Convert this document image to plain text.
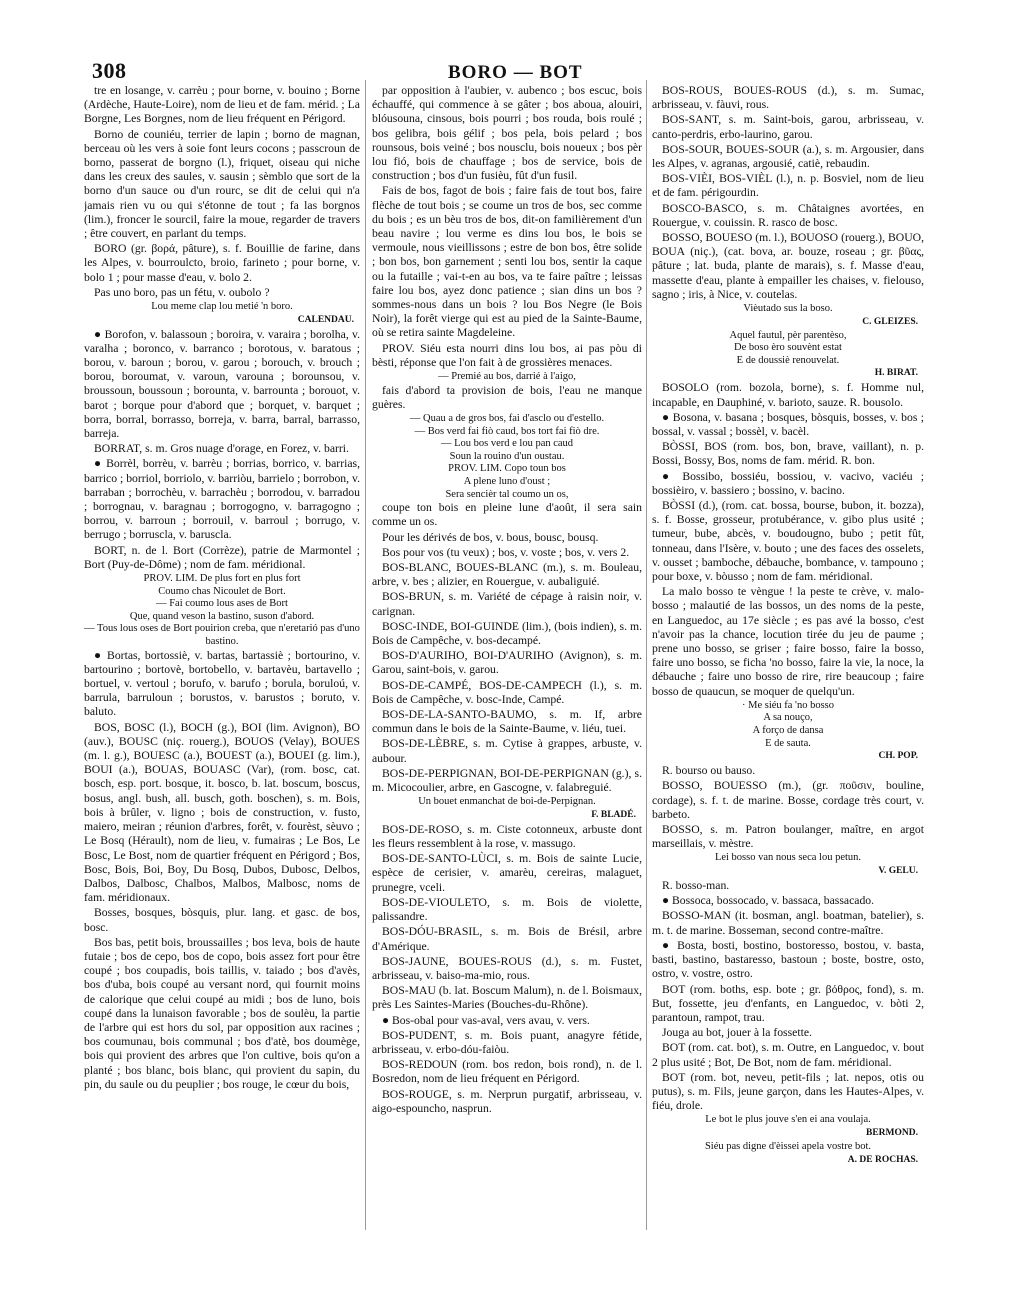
308	BORO — BOT

tre en losange, v. carrèu ; pour borne, v. bouino ; Borne (Ardèche, Haute-Loire), nom de lieu et de fam. mérid. ; La Borgne, Les Borgnes, nom de lieu fréquent en Périgord.

Borno de couniéu, terrier de lapin ; borno de magnan, berceau où les vers à soie font leurs cocons ; passcroun de borno, passerat de borgno (l.), friquet, oiseau qui niche dans les creux des saules, v. sausin ; sèmblo que sort de la borno d'un sauce ou d'un rourc, se dit de celui qui n'a jamais rien vu ou qui s'étonne de tout ; fa las borgnos (lim.), froncer le sourcil, faire la moue, regarder de travers ; être couvert, en parlant du temps.

BORO (gr. βορά, pâture), s. f. Bouillie de farine, dans les Alpes, v. bourroulcto, broio, farineto ; pour borne, v. bolo 1 ; pour masse d'eau, v. bolo 2.

Pas uno boro, pas un fétu, v. oubolo ?

Lou meme clap lou metié 'n boro.

CALENDAU.

● Borofon, v. balassoun ; boroira, v. varaira ; borolha, v. varalha ; boronco, v. barranco ; borotous, v. baratous ; borou, v. baroun ; borou, v. garou ; borouch, v. brouch ; borou, boroumat, v. varoun, varouna ; borounsou, v. broussoun, boussoun ; borounta, v. barrounta ; borouot, v. barot ; borque pour d'abord que ; borquet, v. barquet ; borra, borral, borrasso, borreja, v. barra, barral, barrasso, barreja.

BORRAT, s. m. Gros nuage d'orage, en Forez, v. barri.

● Borrèl, borrèu, v. barrèu ; borrias, borrico, v. barrias, barrico ; borriol, borriolo, v. barriòu, barrielo ; borrobon, v. barraban ; borrochèu, v. barrachèu ; borrodou, v. barradou ; borrognau, v. baragnau ; borrogogno, v. barragogno ; borrou, v. barroun ; borrouil, v. barroul ; borrugo, v. berrugo ; borruscla, v. baruscla.

BORT, n. de l. Bort (Corrèze), patrie de Marmontel ; Bort (Puy-de-Dôme) ; nom de fam. méridional.

PROV. LIM. De plus fort en plus fort

Coumo chas Nicoulet de Bort.

— Fai coumo lous ases de Bort

Que, quand veson la bastino, suson d'abord.

— Tous lous oses de Bort pouirion creba, que n'eretarió pas d'uno bastino.

● Bortas, bortossiè, v. bartas, bartassiè ; bortourino, v. bartourino ; bortovè, bortobello, v. bartavèu, bartavello ; bortuel, v. vertoul ; borufo, v. barufo ; borula, boruloú, v. barrula, barruloun ; borustos, v. barustos ; boruto, v. baluto.

BOS, BOSC (l.), BOCH (g.), BOI (lim. Avignon), BO (auv.), BOUSC (niç. rouerg.), BOUOS (Velay), BOUES (m. l. g.), BOUESC (a.), BOUEST (a.), BOUEI (g. lim.), BOUI (a.), BOUAS, BOUASC (Var), (rom. bosc, cat. bosch, esp. port. bosque, it. bosco, b. lat. boscum, boscus, bosus, angl. bush, all. busch, goth. boschen), s. m. Bois, bois à brûler, v. ligno ; bois de construction, v. fusto, maiero, meiran ; réunion d'arbres, forêt, v. fourèst, sèuvo ; Le Bosq (Hérault), nom de lieu, v. fumairas ; Le Bos, Le Bosc, Le Bost, nom de quartier fréquent en Périgord ; Bos, Bosc, Bois, Boi, Boy, Du Bosq, Dubos, Dubosc, Delbos, Dalbos, Dalbosc, Chalbos, Malbos, Malbosc, noms de fam. méridionaux.

Bosses, bosques, bòsquis, plur. lang. et gasc. de bos, bosc.

Bos bas, petit bois, broussailles ; bos leva, bois de haute futaie ; bos de cepo, bos de copo, bois assez fort pour être coupé ; bos coupadis, bois taillis, v. taiado ; bos d'avès, bos d'uba, bois coupé au versant nord, qui fournit moins de calorique que celui coupé au midi ; bos de luno, bois coupé dans la lunaison favorable ; bos de soulèu, la partie de l'arbre qui est hors du sol, par opposition aux racines ; bos coumunau, bois communal ; bos d'atè, bos doumège, bois qui provient des arbres que l'on cultive, bois qu'on a planté ; bos blanc, bois blanc, qui provient du sapin, du pin, du saule ou du peuplier ; bos rouge, le cœur du bois,

par opposition à l'aubier, v. aubenco ; bos escuc, bois échauffé, qui commence à se gâter ; bos aboua, alouiri, blóusouna, cinsous, bois pourri ; bos rouda, bois roulé ; bos gelibra, bois gélif ; bos pela, bois pelard ; bos rounsous, bois veiné ; bos nousclu, bois noueux ; bos pèr lou fió, bois de chauffage ; bos de service, bois de construction ; bos d'un fusièu, fût d'un fusil.

Fais de bos, fagot de bois ; faire fais de tout bos, faire flèche de tout bois ; se coume un tros de bos, sec comme du bois ; es un bèu tros de bos, dit-on familièrement d'un beau navire ; lou verme es dins lou bos, le bois se vermoule, nous vieillissons ; estre de bon bos, être solide ; bon bos, bon garnement ; senti lou bos, sentir la caque ou la futaille ; vai-t-en au bos, va te faire paître ; leissas faire lou bos, ayez donc patience ; sian dins un bos ? sommes-nous dans un bois ? lou Bos Negre (le Bois Noir), la forêt vierge qui est au pied de la Sainte-Baume, où se retira sainte Magdeleine.

PROV. Siéu esta nourri dins lou bos, ai pas pòu di bèsti, réponse que l'on fait à de grossières menaces.

— Premié au bos, darrié à l'aigo,

fais d'abord ta provision de bois, l'eau ne manque guères.

— Quau a de gros bos, fai d'asclo ou d'estello.

— Bos verd fai fiò caud, bos tort fai fiò dre.

— Lou bos verd e lou pan caud

Soun la rouino d'un oustau.

PROV. LIM. Copo toun bos

A plene luno d'oust ;

Sera sencièr tal coumo un os,

coupe ton bois en pleine lune d'août, il sera sain comme un os.

Pour les dérivés de bos, v. bous, bousc, bousq.

Bos pour vos (tu veux) ; bos, v. voste ; bos, v. vers 2.

BOS-BLANC, BOUES-BLANC (m.), s. m. Bouleau, arbre, v. bes ; alizier, en Rouergue, v. aubaliguié.

BOS-BRUN, s. m. Variété de cépage à raisin noir, v. carignan.

BOSC-INDE, BOI-GUINDE (lim.), (bois indien), s. m. Bois de Campêche, v. bos-decampé.

BOS-D'AURIHO, BOI-D'AURIHO (Avignon), s. m. Garou, saint-bois, v. garou.

BOS-DE-CAMPÉ, BOS-DE-CAMPECH (l.), s. m. Bois de Campêche, v. bosc-Inde, Campé.

BOS-DE-LA-SANTO-BAUMO, s. m. If, arbre commun dans le bois de la Sainte-Baume, v. liéu, tuei.

BOS-DE-LÈBRE, s. m. Cytise à grappes, arbuste, v. aubour.

BOS-DE-PERPIGNAN, BOI-DE-PERPIGNAN (g.), s. m. Micocoulier, arbre, en Gascogne, v. falabreguié.

Un bouet enmanchat de boi-de-Perpignan.

F. BLADÉ.

BOS-DE-ROSO, s. m. Ciste cotonneux, arbuste dont les fleurs ressemblent à la rose, v. massugo.

BOS-DE-SANTO-LÙCI, s. m. Bois de sainte Lucie, espèce de cerisier, v. amarèu, cereiras, malaguet, prunegre, vceli.

BOS-DE-VIOULETO, s. m. Bois de violette, palissandre.

BOS-DÓU-BRASIL, s. m. Bois de Brésil, arbre d'Amérique.

BOS-JAUNE, BOUES-ROUS (d.), s. m. Fustet, arbrisseau, v. baiso-ma-mio, rous.

BOS-MAU (b. lat. Boscum Malum), n. de l. Boismaux, près Les Saintes-Maries (Bouches-du-Rhône).

● Bos-obal pour vas-aval, vers avau, v. vers.

BOS-PUDENT, s. m. Bois puant, anagyre fétide, arbrisseau, v. erbo-dóu-faiòu.

BOS-REDOUN (rom. bos redon, bois rond), n. de l. Bosredon, nom de lieu fréquent en Périgord.

BOS-ROUGE, s. m. Nerprun purgatif, arbrisseau, v. aigo-espouncho, nasprun.

BOS-ROUS, BOUES-ROUS (d.), s. m. Sumac, arbrisseau, v. fàuvi, rous.

BOS-SANT, s. m. Saint-bois, garou, arbrisseau, v. canto-perdris, erbo-laurino, garou.

BOS-SOUR, BOUES-SOUR (a.), s. m. Argousier, dans les Alpes, v. agranas, argousié, catiè, rebaudin.

BOS-VIÈI, BOS-VIÈL (l.), n. p. Bosviel, nom de lieu et de fam. périgourdin.

BOSCO-BASCO, s. m. Châtaignes avortées, en Rouergue, v. couissin. R. rasco de bosc.

BOSSO, BOUESO (m. l.), BOUOSO (rouerg.), BOUO, BOUA (niç.), (cat. bova, ar. bouze, roseau ; gr. βῦας, pâture ; lat. buda, plante de marais), s. f. Masse d'eau, massette d'eau, plante à empailler les chaises, v. fielouso, sagno ; iris, à Nice, v. coutelas.

Vièutado sus la boso.

C. GLEIZES.

Aquel fautul, pèr parentèso,

De boso èro souvènt estat

E de doussiè renouvelat.

H. BIRAT.

BOSOLO (rom. bozola, borne), s. f. Homme nul, incapable, en Dauphiné, v. barioto, sauze. R. bousolo.

● Bosona, v. basana ; bosques, bòsquis, bosses, v. bos ; bossal, v. vassal ; bossèl, v. bacèl.

BÒSSI, BOS (rom. bos, bon, brave, vaillant), n. p. Bossi, Bossy, Bos, noms de fam. mérid. R. bon.

● Bossibo, bossiéu, bossiou, v. vacivo, vaciéu ; bossièiro, v. bassiero ; bossino, v. bacino.

BÒSSI (d.), (rom. cat. bossa, bourse, bubon, it. bozza), s. f. Bosse, grosseur, protubérance, v. gibo plus usité ; tumeur, bube, abcès, v. boudougno, bubo ; petit fût, tonneau, dans l'Isère, v. bouto ; une des faces des osselets, v. ousset ; bamboche, débauche, bombance, v. tampouno ; pour boxe, v. bòusso ; nom de fam. méridional.

La malo bosso te vèngue ! la peste te crève, v. malo-bosso ; malautié de las bossos, un des noms de la peste, en Languedoc, au 17e siècle ; es pas avé la bosso, c'est n'avoir pas la chance, locution tirée du jeu de paume ; prene uno bosso, se griser ; faire bosso, faire la bosso, faire uno bosso, se ficha 'no bosso, faire la vie, la noce, la débauche ; faire uno bosso de rire, rire beaucoup ; faire bosso de quaucun, se moquer de quelqu'un.

· Me siéu fa 'no bosso

A sa nouço,

A forço de dansa

E de sauta.

CH. POP.

R. bourso ou bauso.

BOSSO, BOUESSO (m.), (gr. ποῦσιν, bouline, cordage), s. f. t. de marine. Bosse, cordage très court, v. barbeto.

BOSSO, s. m. Patron boulanger, maître, en argot marseillais, v. mèstre.

Lei bosso van nous seca lou petun.

V. GELU.

R. bosso-man.

● Bossoca, bossocado, v. bassaca, bassacado.

BOSSO-MAN (it. bosman, angl. boatman, batelier), s. m. t. de marine. Bosseman, second contre-maître.

● Bosta, bosti, bostino, bostoresso, bostou, v. basta, basti, bastino, bastaresso, bastoun ; boste, bostre, osto, ostro, v. vostre, ostro.

BOT (rom. boths, esp. bote ; gr. βόθρος, fond), s. m. But, fossette, jeu d'enfants, en Languedoc, v. bòti 2, parantoun, rampot, trau.

Jouga au bot, jouer à la fossette.

BOT (rom. cat. bot), s. m. Outre, en Languedoc, v. bout 2 plus usité ; Bot, De Bot, nom de fam. méridional.

BOT (rom. bot, neveu, petit-fils ; lat. nepos, otis ou putus), s. m. Fils, jeune garçon, dans les Hautes-Alpes, v. fiéu, drole.

Le bot le plus jouve s'en ei ana voulaja.

BERMOND.

Siéu pas digne d'èissei apela vostre bot.

A. DE ROCHAS.
